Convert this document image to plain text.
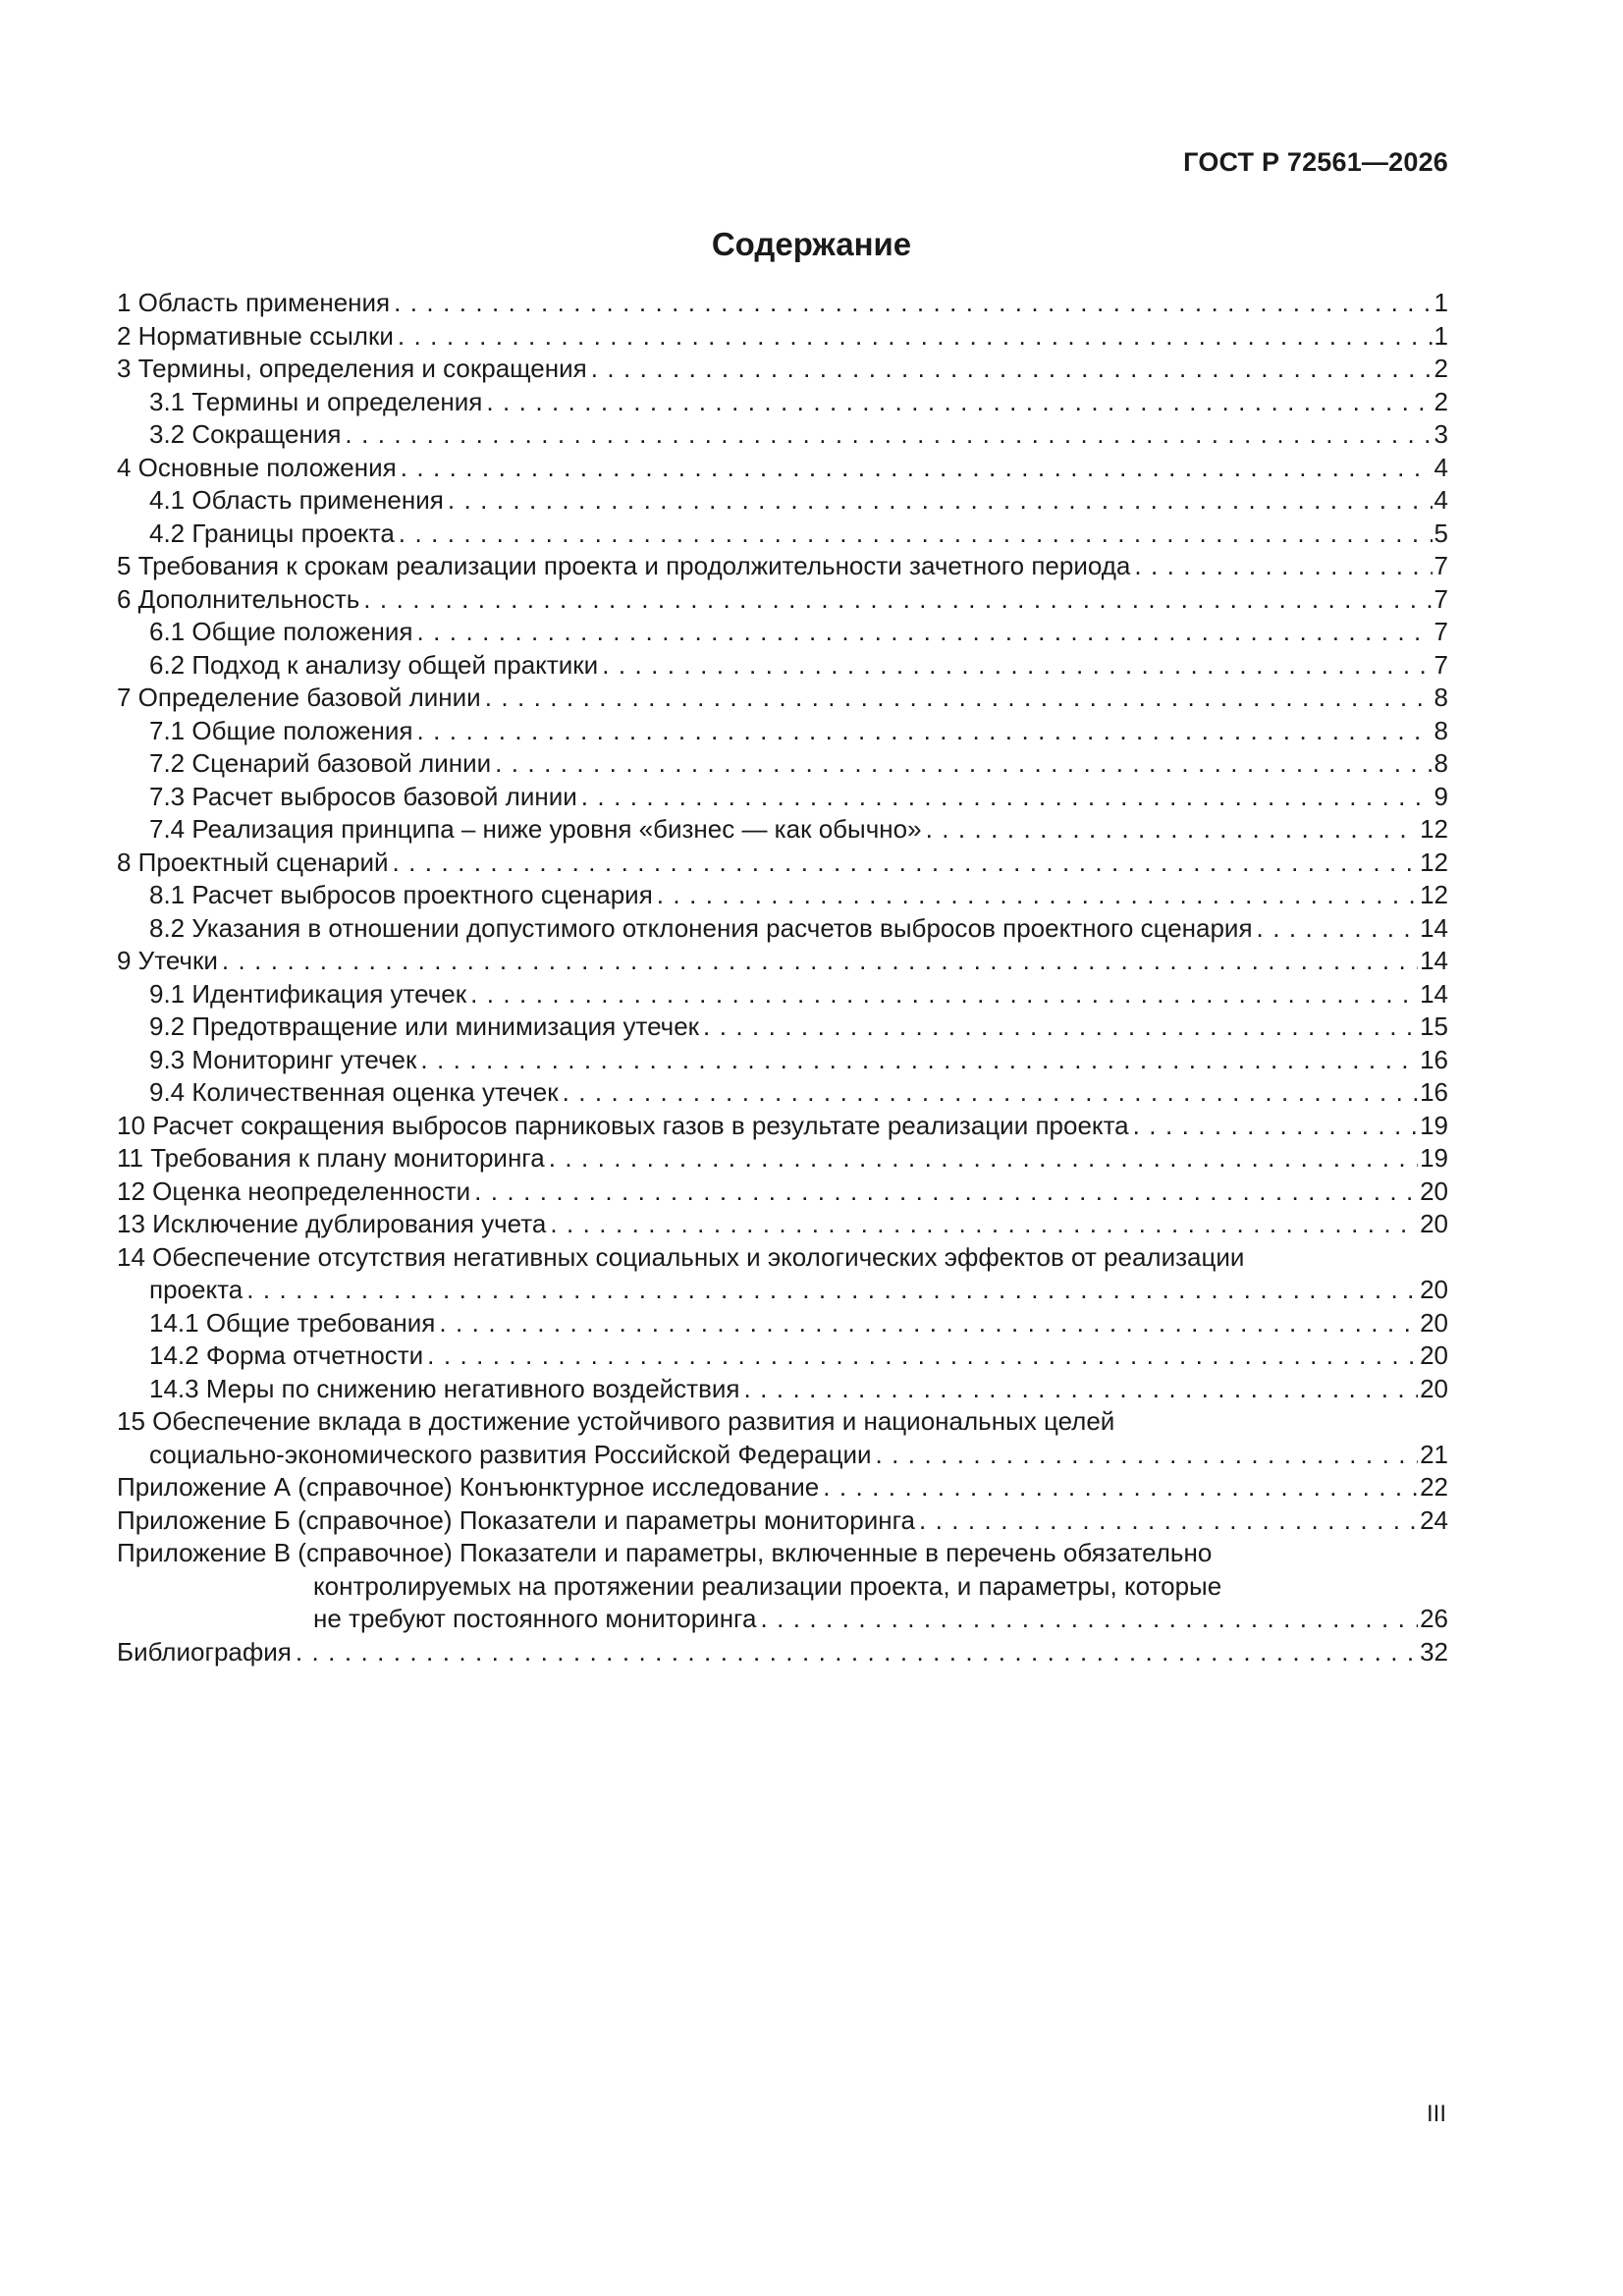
ГОСТ Р 72561—2026
Содержание
1 Область применения . . .	1
2 Нормативные ссылки . . .	1
3 Термины, определения и сокращения . . .	2
3.1 Термины и определения . . .	2
3.2 Сокращения . . .	3
4 Основные положения . . .	4
4.1 Область применения . . .	4
4.2 Границы проекта . . .	5
5 Требования к срокам реализации проекта и продолжительности зачетного периода . . .	7
6 Дополнительность . . .	7
6.1 Общие положения . . .	7
6.2 Подход к анализу общей практики . . .	7
7 Определение базовой линии . . .	8
7.1 Общие положения . . .	8
7.2 Сценарий базовой линии . . .	8
7.3 Расчет выбросов базовой линии . . .	9
7.4 Реализация принципа – ниже уровня «бизнес — как обычно» . . .	12
8 Проектный сценарий . . .	12
8.1 Расчет выбросов проектного сценария . . .	12
8.2 Указания в отношении допустимого отклонения расчетов выбросов проектного сценария . . .	14
9 Утечки . . .	14
9.1 Идентификация утечек . . .	14
9.2 Предотвращение или минимизация утечек . . .	15
9.3 Мониторинг утечек . . .	16
9.4 Количественная оценка утечек . . .	16
10 Расчет сокращения выбросов парниковых газов в результате реализации проекта . . .	19
11 Требования к плану мониторинга . . .	19
12 Оценка неопределенности . . .	20
13 Исключение дублирования учета . . .	20
14 Обеспечение отсутствия негативных социальных и экологических эффектов от реализации
проекта . . .	20
14.1 Общие требования . . .	20
14.2 Форма отчетности . . .	20
14.3 Меры по снижению негативного воздействия . . .	20
15 Обеспечение вклада в достижение устойчивого развития и национальных целей
социально-экономического развития Российской Федерации . . .	21
Приложение А (справочное) Конъюнктурное исследование . . .	22
Приложение Б (справочное) Показатели и параметры мониторинга . . .	24
Приложение В (справочное) Показатели и параметры, включенные в перечень обязательно
контролируемых на протяжении реализации проекта, и параметры, которые
не требуют постоянного мониторинга . . .	26
Библиография . . .	32
III
